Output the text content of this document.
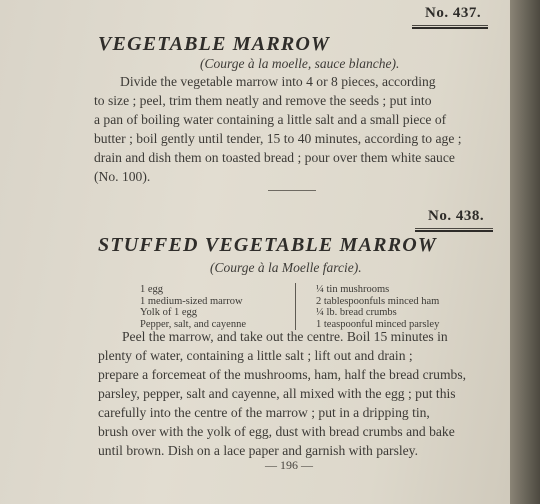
No. 437.
VEGETABLE MARROW
(Courge à la moelle, sauce blanche).
Divide the vegetable marrow into 4 or 8 pieces, according
to size ; peel, trim them neatly and remove the seeds ; put into
a pan of boiling water containing a little salt and a small piece of
butter ; boil gently until tender, 15 to 40 minutes, according to age ;
drain and dish them on toasted bread ; pour over them white sauce
(No. 100).
No. 438.
STUFFED VEGETABLE MARROW
(Courge à la Moelle farcie).
1 egg
1 medium-sized marrow
Yolk of 1 egg
Pepper, salt, and cayenne
¼ tin mushrooms
2 tablespoonfuls minced ham
¼ lb. bread crumbs
1 teaspoonful minced parsley
Peel the marrow, and take out the centre. Boil 15 minutes in
plenty of water, containing a little salt ; lift out and drain ;
prepare a forcemeat of the mushrooms, ham, half the bread crumbs,
parsley, pepper, salt and cayenne, all mixed with the egg ; put this
carefully into the centre of the marrow ; put in a dripping tin,
brush over with the yolk of egg, dust with bread crumbs and bake
until brown. Dish on a lace paper and garnish with parsley.
— 196 —
